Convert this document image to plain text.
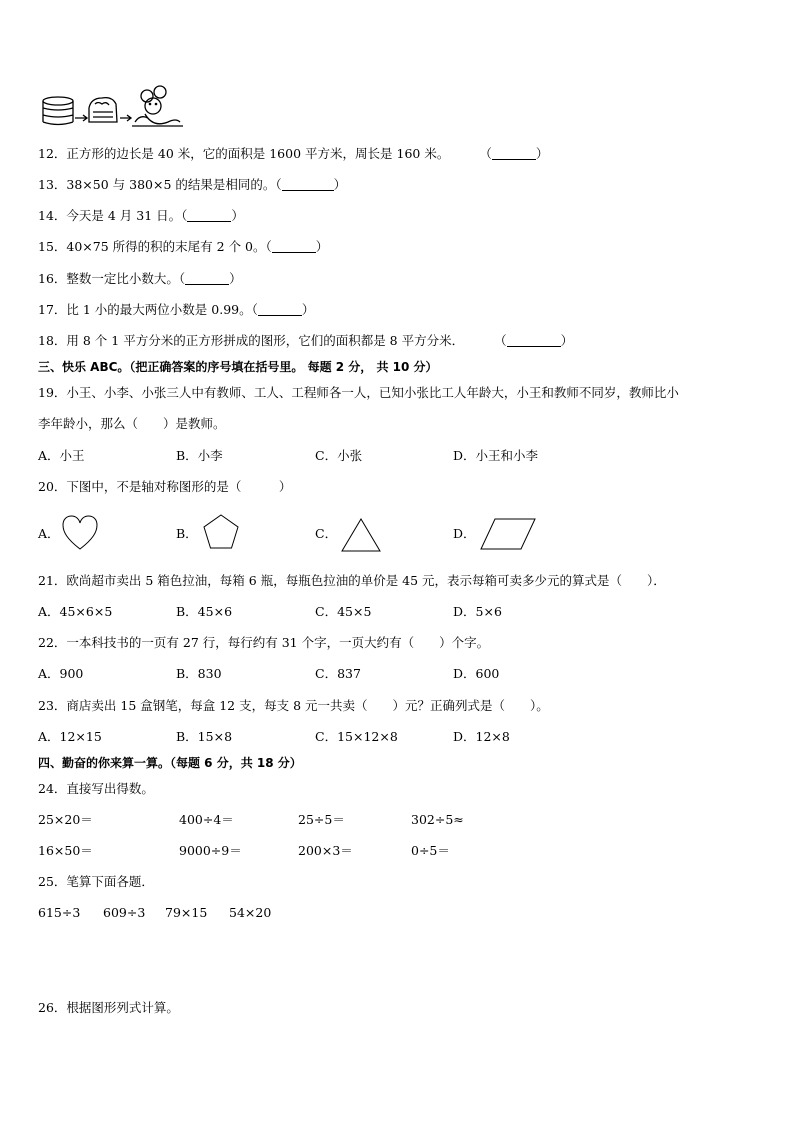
12．正方形的边长是 40 米，它的面积是 1600 平方米，周长是 160 米。 （	）
13．38×50 与 380×5 的结果是相同的。（	）
14．今天是 4 月 31 日。（	）
15．40×75 所得的积的末尾有 2 个 0。（	）
16．整数一定比小数大。（	）
17．比 1 小的最大两位小数是 0.99。（	）
18．用 8 个 1 平方分米的正方形拼成的图形，它们的面积都是 8 平方分米． （	）
三、快乐 ABC。（把正确答案的序号填在括号里。 每题 2 分， 共 10 分）
19．小王、小李、小张三人中有教师、工人、工程师各一人，已知小张比工人年龄大，小王和教师不同岁，教师比小
李年龄小，那么（　　）是教师。
A．小王	B．小李	C．小张	D．小王和小李
20．下图中，不是轴对称图形的是（　　　）
A．	B．	C．	D．
21．欧尚超市卖出 5 箱色拉油，每箱 6 瓶，每瓶色拉油的单价是 45 元，表示每箱可卖多少元的算式是（　　）．
A．45×6×5	B．45×6	C．45×5	D．5×6
22．一本科技书的一页有 27 行，每行约有 31 个字，一页大约有（　　）个字。
A．900	B．830	C．837	D．600
23．商店卖出 15 盒钢笔，每盒 12 支，每支 8 元一共卖（　　）元？正确列式是（　　）。
A．12×15	B．15×8	C．15×12×8	D．12×8
四、勤奋的你来算一算。（每题 6 分，共 18 分）
24．直接写出得数。
25×20＝	400÷4＝	25÷5＝	302÷5≈
16×50＝	9000÷9＝	200×3＝	0÷5＝
25．笔算下面各题．
615÷3 609÷3 79×15 54×20
26．根据图形列式计算。
